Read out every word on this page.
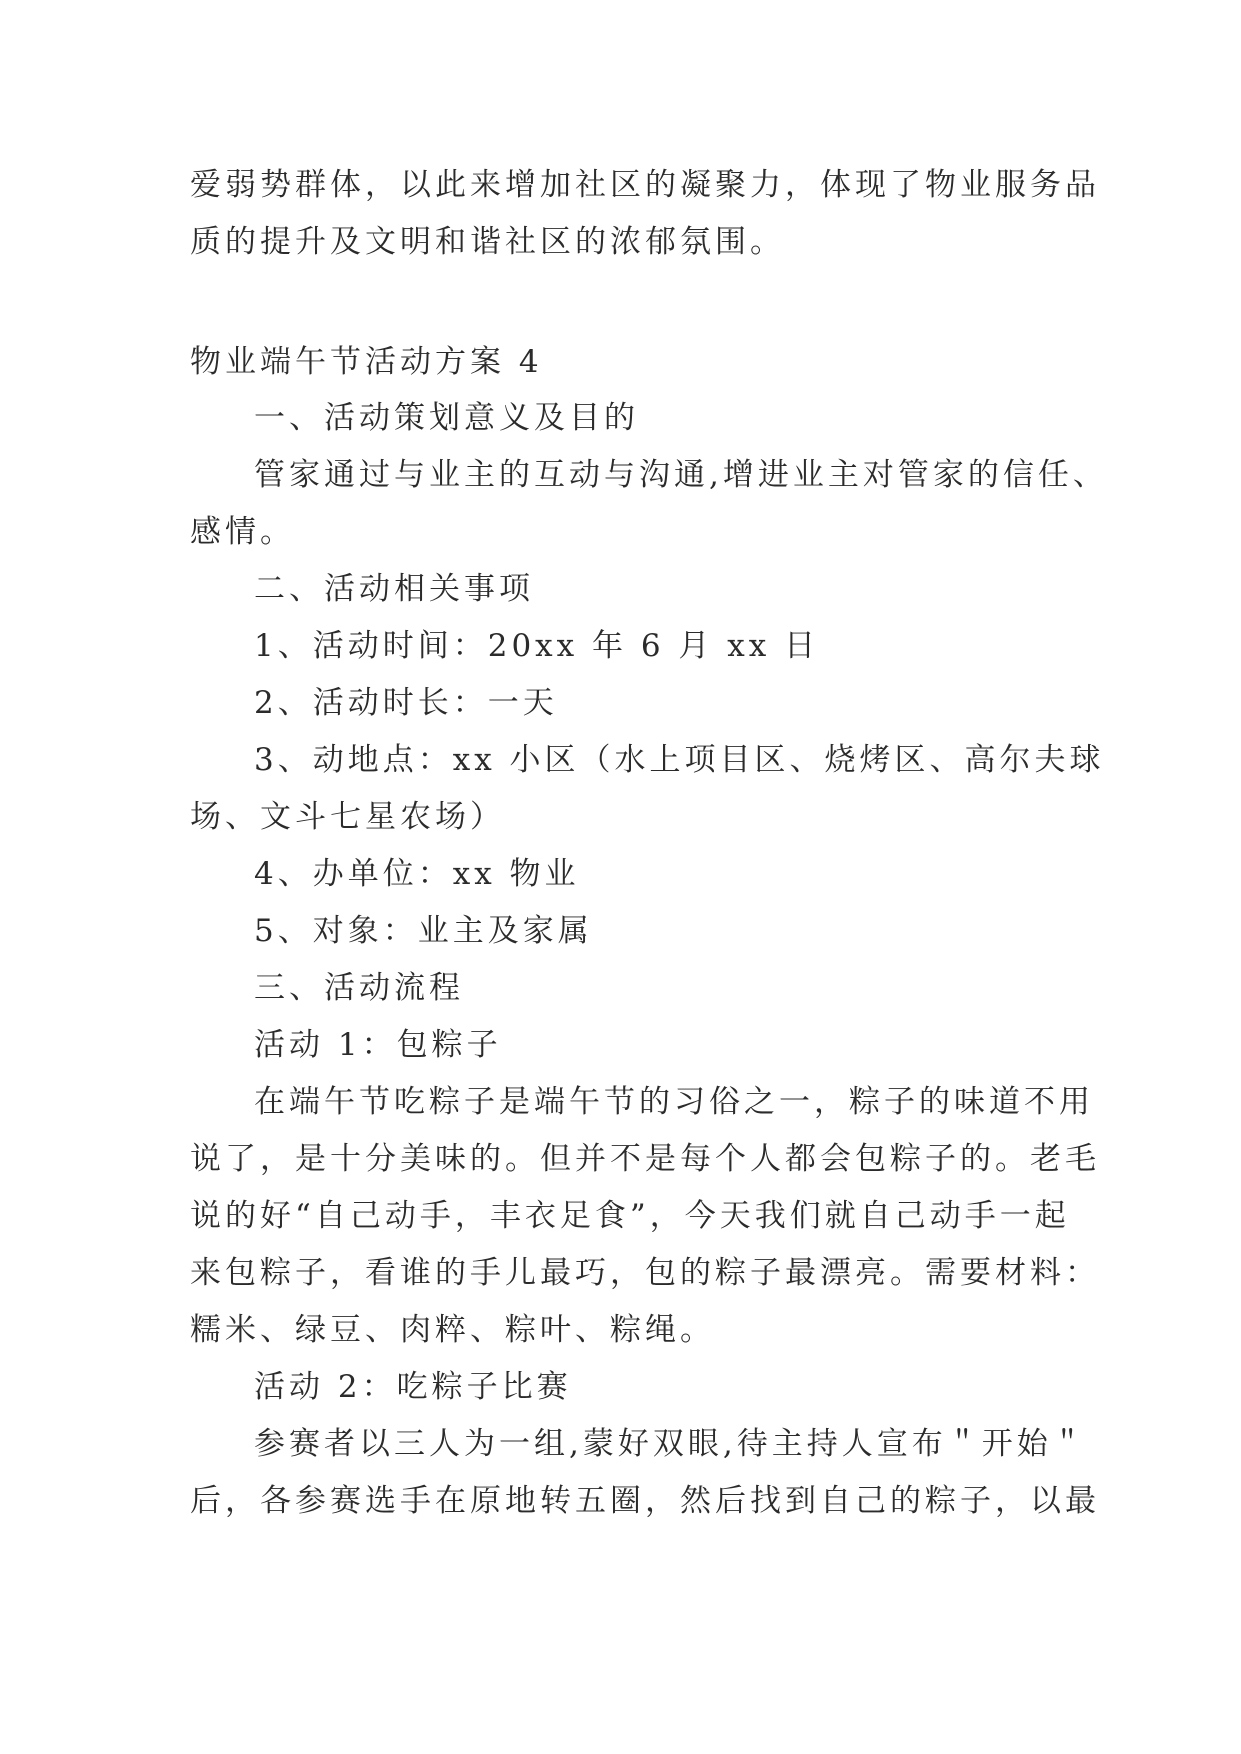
爱弱势群体，以此来增加社区的凝聚力，体现了物业服务品
质的提升及文明和谐社区的浓郁氛围。
物业端午节活动方案 4
一、活动策划意义及目的
管家通过与业主的互动与沟通,增进业主对管家的信任、
感情。
二、活动相关事项
1、活动时间：20xx 年 6 月 xx 日
2、活动时长：一天
3、动地点：xx 小区（水上项目区、烧烤区、高尔夫球
场、文斗七星农场）
4、办单位：xx 物业
5、对象：业主及家属
三、活动流程
活动 1：包粽子
在端午节吃粽子是端午节的习俗之一，粽子的味道不用
说了，是十分美味的。但并不是每个人都会包粽子的。老毛
说的好“自己动手，丰衣足食”，今天我们就自己动手一起
来包粽子，看谁的手儿最巧，包的粽子最漂亮。需要材料：
糯米、绿豆、肉粹、粽叶、粽绳。
活动 2：吃粽子比赛
参赛者以三人为一组,蒙好双眼,待主持人宣布＂开始＂
后，各参赛选手在原地转五圈，然后找到自己的粽子，以最
